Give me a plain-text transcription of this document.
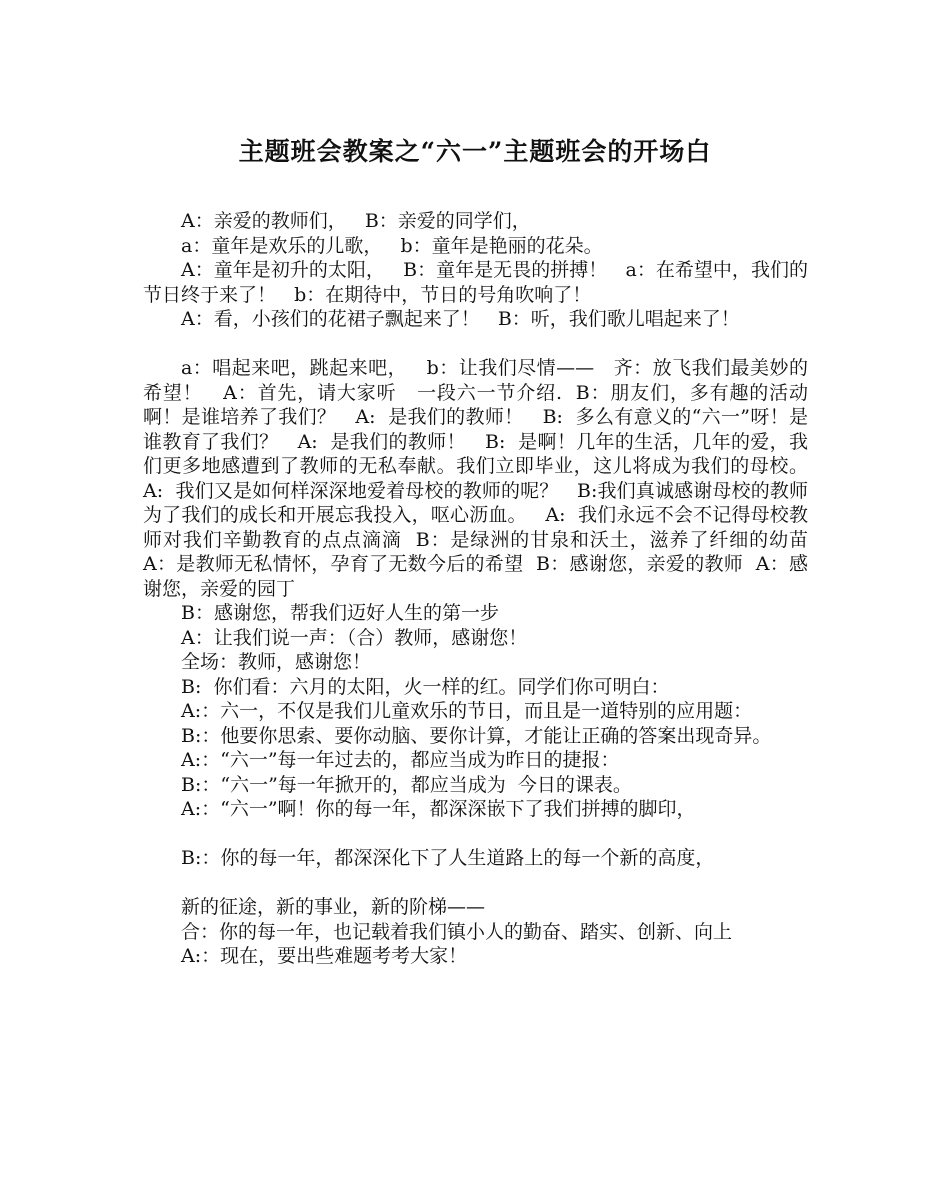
主题班会教案之“六一”主题班会的开场白

A：亲爱的教师们，   B：亲爱的同学们，

a：童年是欢乐的儿歌，   b：童年是艳丽的花朵。

A：童年是初升的太阳，   B：童年是无畏的拼搏！   a：在希望中，我们的节日终于来了！   b：在期待中，节日的号角吹响了！

A：看，小孩们的花裙子飘起来了！   B：听，我们歌儿唱起来了！

a：唱起来吧，跳起来吧，   b：让我们尽情——   齐：放飞我们最美妙的希望！   A：首先，请大家听   一段六一节介绍.  B：朋友们，多有趣的活动啊！是谁培养了我们？   A:  是我们的教师！   B:  多么有意义的“六一”呀！是谁教育了我们？   A:  是我们的教师！   B:  是啊！几年的生活，几年的爱，我们更多地感遭到了教师的无私奉献。我们立即毕业，这儿将成为我们的母校。   A:  我们又是如何样深深地爱着母校的教师的呢？   B:我们真诚感谢母校的教师为了我们的成长和开展忘我投入，呕心沥血。   A:  我们永远不会不记得母校教师对我们辛勤教育的点点滴滴  B：是绿洲的甘泉和沃土，滋养了纤细的幼苗  A：是教师无私情怀，孕育了无数今后的希望  B：感谢您，亲爱的教师  A：感谢您，亲爱的园丁

B：感谢您，帮我们迈好人生的第一步

A：让我们说一声：（合）教师，感谢您！

全场：教师，感谢您！

B:  你们看：六月的太阳，火一样的红。同学们你可明白：

A:：六一，不仅是我们儿童欢乐的节日，而且是一道特别的应用题：

B:：他要你思索、要你动脑、要你计算，才能让正确的答案出现奇异。

A:：“六一”每一年过去的，都应当成为昨日的捷报：

B:：“六一”每一年掀开的，都应当成为  今日的课表。

A:：“六一”啊！你的每一年，都深深嵌下了我们拼搏的脚印，

B:：你的每一年，都深深化下了人生道路上的每一个新的高度，

新的征途，新的事业，新的阶梯——

合：你的每一年，也记载着我们镇小人的勤奋、踏实、创新、向上

A:：现在，要出些难题考考大家！
